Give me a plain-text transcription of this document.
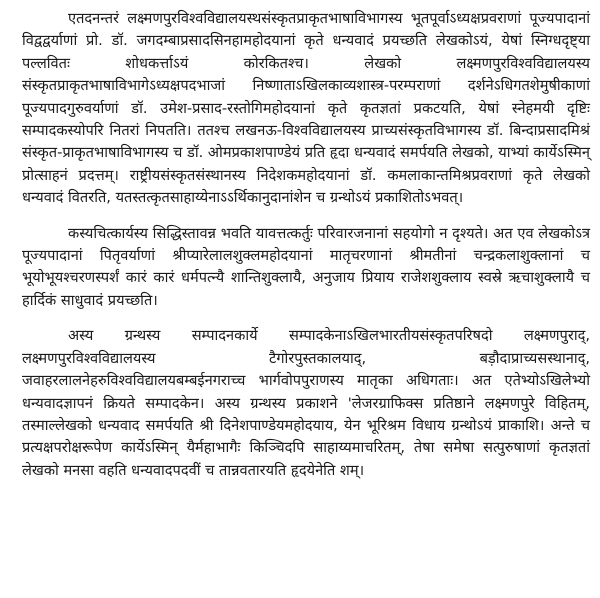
एतदनन्तरं लक्ष्मणपुरविश्वविद्यालयस्थसंस्कृतप्राकृतभाषाविभागस्य भूतपूर्वाऽध्यक्षप्रवराणां पूज्यपादानां विद्वद्वर्याणां प्रो. डॉ. जगदम्बाप्रसादसिनहामहोदयानां कृते धन्यवादं प्रयच्छति लेखकोऽयं, येषां स्निग्धदृष्ट्या पल्लवितः शोधकर्त्ताऽयं कोरकितश्च। लेखको लक्ष्मणपुरविश्वविद्यालयस्य संस्कृतप्राकृतभाषाविभागेऽध्यक्षपदभाजां निष्णाताऽखिलकाव्यशास्त्र-परम्पराणां दर्शनेऽधिगतशेमुषीकाणां पूज्यपादगुरुवर्याणां डॉ. उमेश-प्रसाद-रस्तोगिमहोदयानां कृते कृतज्ञतां प्रकटयति, येषां स्नेहमयी दृष्टिः सम्पादकस्योपरि नितरां निपतति। ततश्च लखनऊ-विश्वविद्यालयस्य प्राच्यसंस्कृतविभागस्य डॉ. बिन्दाप्रसादमिश्रं संस्कृत-प्राकृतभाषाविभागस्य च डॉ. ओमप्रकाशपाण्डेयं प्रति हृदा धन्यवादं समर्पयति लेखको, याभ्यां कार्येऽस्मिन् प्रोत्साहनं प्रदत्तम्। राष्ट्रीयसंस्कृतसंस्थानस्य निदेशकमहोदयानां डॉ. कमलाकान्तमिश्रप्रवराणां कृते लेखको धन्यवादं वितरति, यतस्तत्कृतसाहाय्येनाऽऽर्थिकानुदानांशेन च ग्रन्थोऽयं प्रकाशितोऽभवत्।

कस्यचित्कार्यस्य सिद्धिस्तावन्न भवति यावत्तत्कर्तुः परिवारजनानां सहयोगो न दृश्यते। अत एव लेखकोऽत्र पूज्यपादानां पितृवर्याणां श्रीप्यारेलालशुक्लमहोदयानां मातृचरणानां श्रीमतीनां चन्द्रकलाशुक्लानां च भूयोभूयश्चरणस्पर्शं कारं कारं धर्मपत्न्यै शान्तिशुक्लायै, अनुजाय प्रियाय राजेशशुक्लाय स्वस्रे ऋचाशुक्लायै च हार्दिकं साधुवादं प्रयच्छति।

अस्य ग्रन्थस्य सम्पादनकार्ये सम्पादकेनाऽखिलभारतीयसंस्कृतपरिषदो लक्ष्मणपुराद्, लक्ष्मणपुरविश्वविद्यालयस्य टैगोरपुस्तकालयाद्, बड़ौदाप्राच्यसस्थानाद्, जवाहरलालनेहरुविश्वविद्यालयबम्बईनगराच्च भार्गवोपपुराणस्य मातृका अधिगताः। अत एतेभ्योऽखिलेभ्यो धन्यवादज्ञापनं क्रियते सम्पादकेन। अस्य ग्रन्थस्य प्रकाशने 'लेजरग्राफिक्स प्रतिष्ठाने लक्ष्मणपुरे विहितम्, तस्माल्लेखको धन्यवाद समर्पयति श्री दिनेशपाण्डेयमहोदयाय, येन भूरिश्रम विधाय ग्रन्थोऽयं प्राकाशि। अन्ते च प्रत्यक्षपरोक्षरूपेण कार्येऽस्मिन् यैर्महाभागैः किञ्चिदपि साहाय्यमाचरितम्, तेषा समेषा सत्पुरुषाणां कृतज्ञतां लेखको मनसा वहति धन्यवादपदवीं च तान्नवतारयति हृदयेनेति शम्।
